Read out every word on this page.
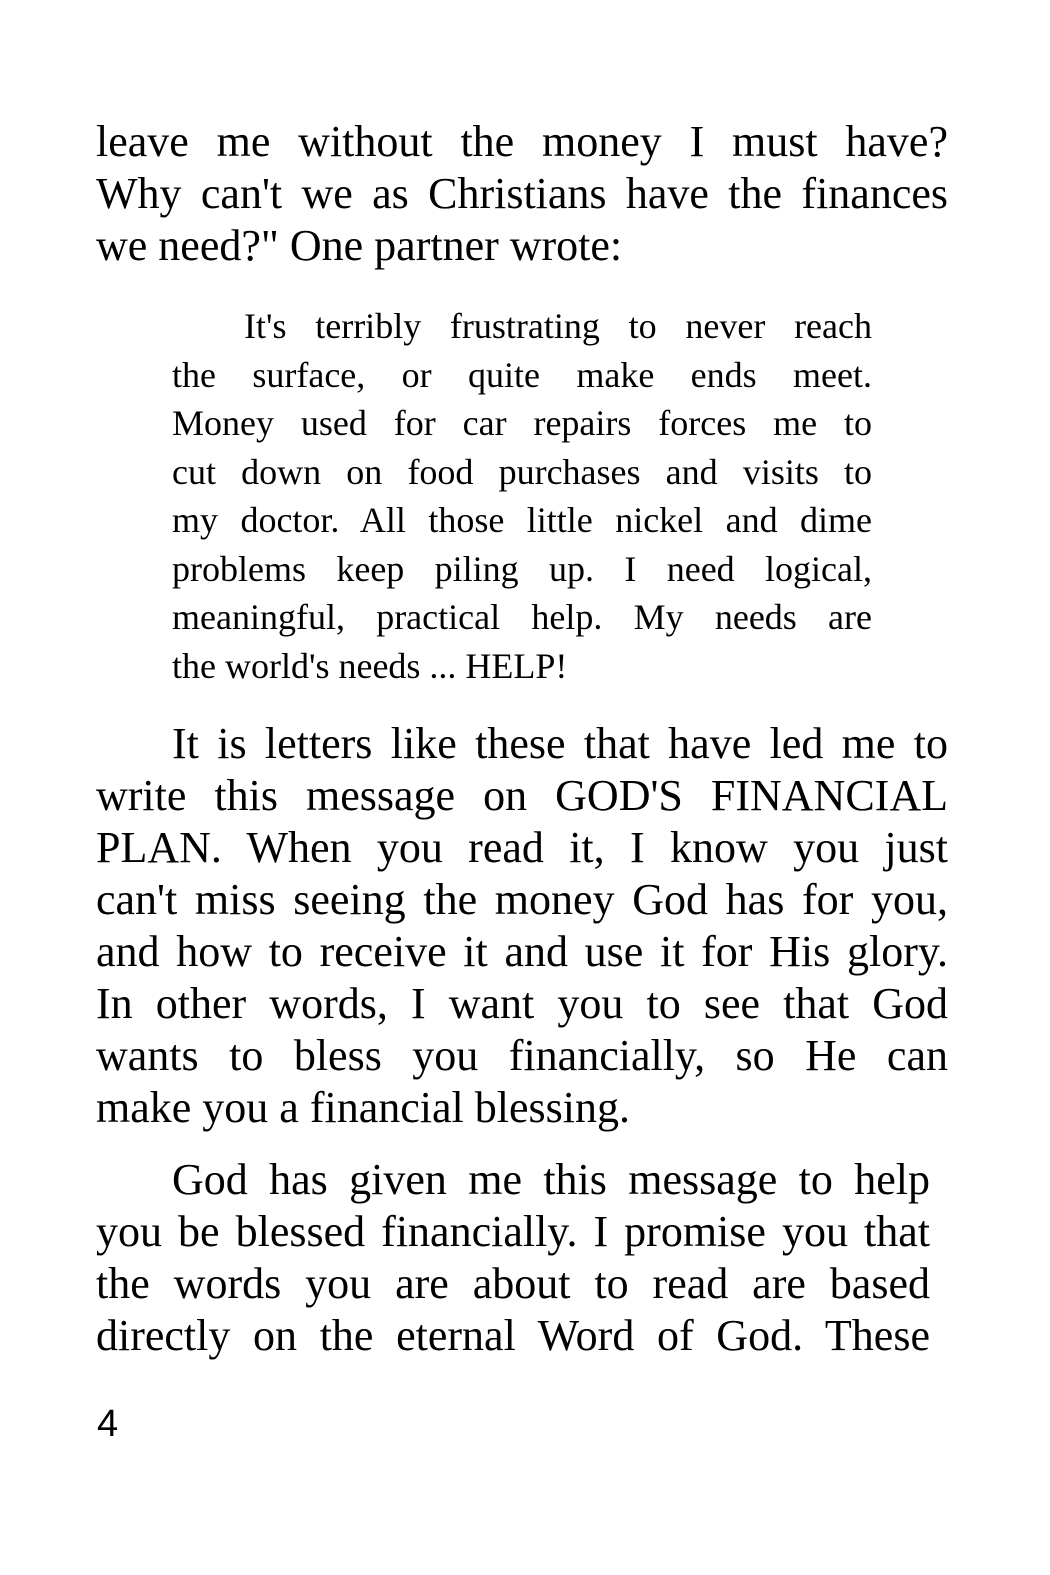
leave me without the money I must have?
Why can't we as Christians have the finances
we need?" One partner wrote:

It's terribly frustrating to never reach
the surface, or quite make ends meet.
Money used for car repairs forces me to
cut down on food purchases and visits to
my doctor. All those little nickel and dime
problems keep piling up. I need logical,
meaningful, practical help. My needs are
the world's needs ... HELP!

It is letters like these that have led me to
write this message on GOD'S FINANCIAL
PLAN. When you read it, I know you just
can't miss seeing the money God has for you,
and how to receive it and use it for His glory.
In other words, I want you to see that God
wants to bless you financially, so He can
make you a financial blessing.

God has given me this message to help
you be blessed financially. I promise you that
the words you are about to read are based
directly on the eternal Word of God. These

4
